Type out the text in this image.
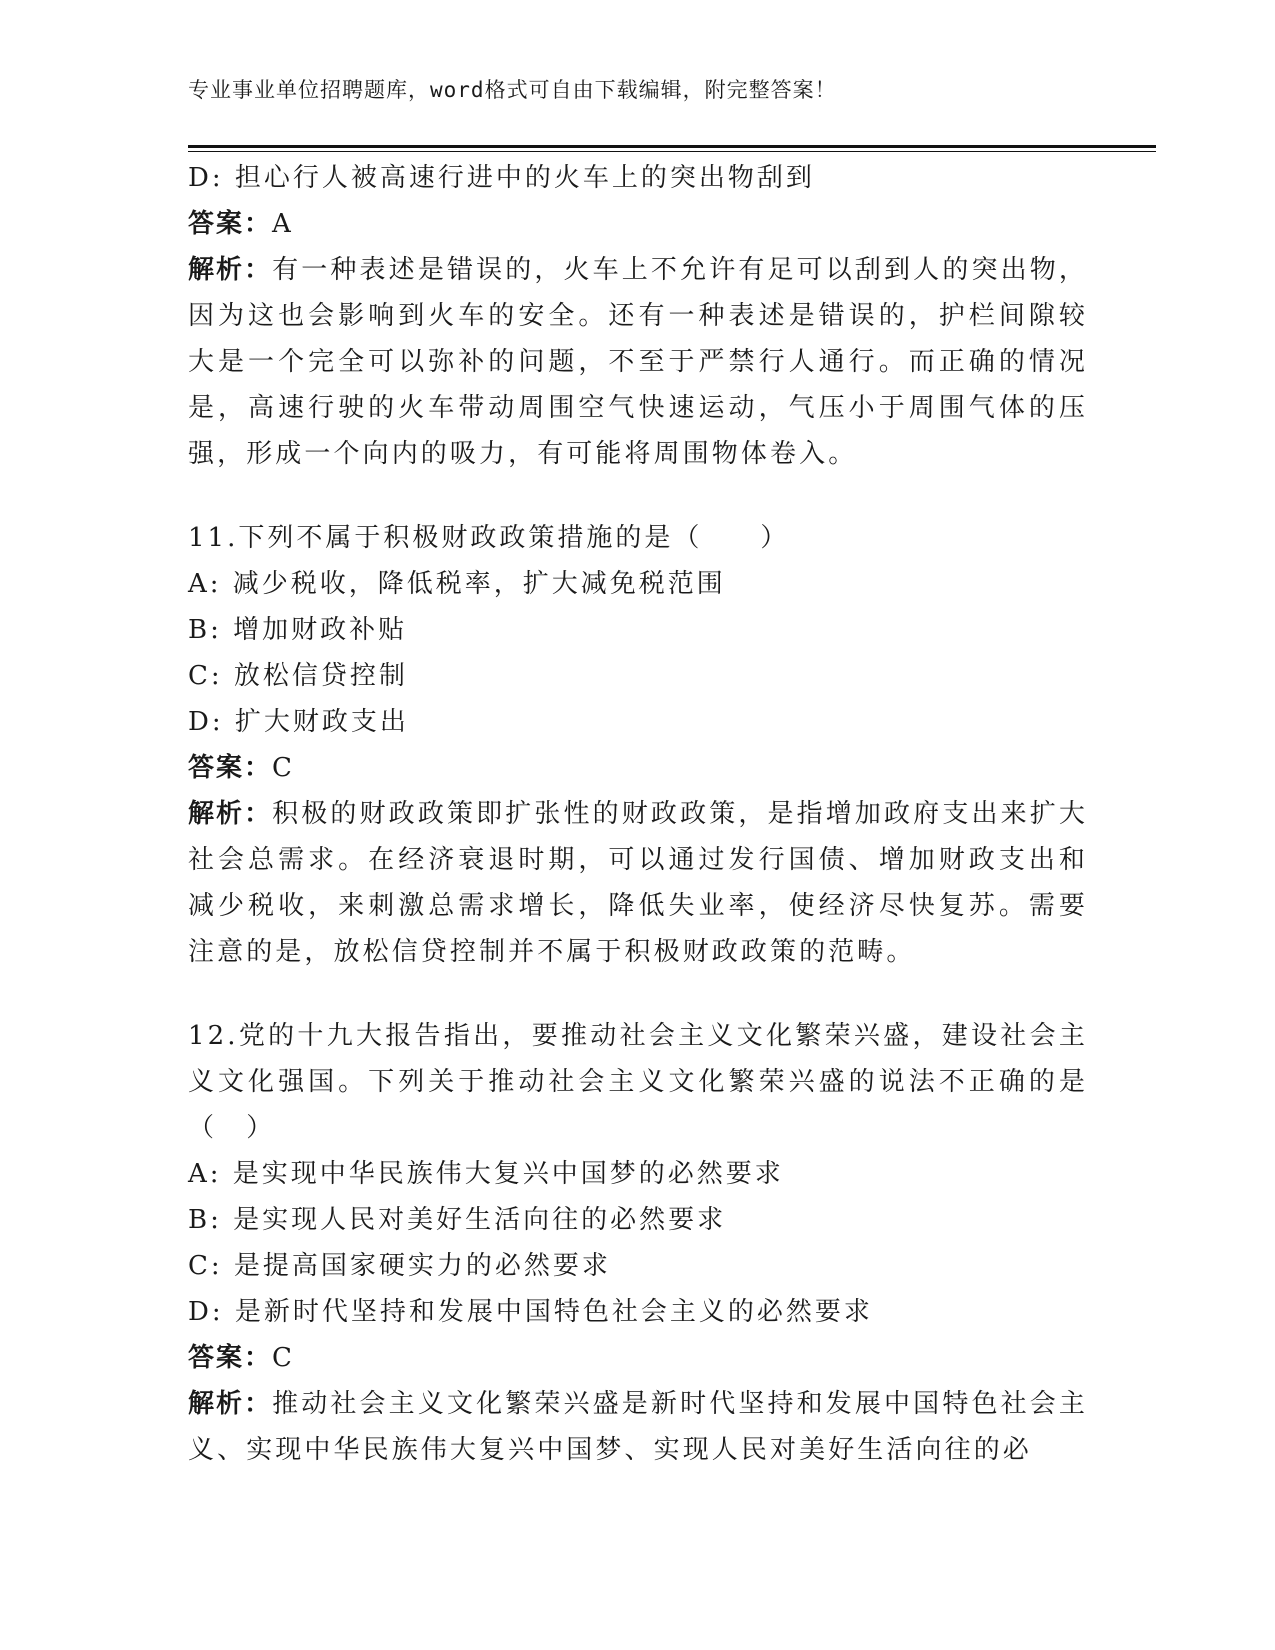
专业事业单位招聘题库，word格式可自由下载编辑，附完整答案！
D: 担心行人被高速行进中的火车上的突出物刮到
答案：A
解析：有一种表述是错误的，火车上不允许有足可以刮到人的突出物，因为这也会影响到火车的安全。还有一种表述是错误的，护栏间隙较大是一个完全可以弥补的问题，不至于严禁行人通行。而正确的情况是，高速行驶的火车带动周围空气快速运动，气压小于周围气体的压强，形成一个向内的吸力，有可能将周围物体卷入。
11.下列不属于积极财政政策措施的是（　　）
A: 减少税收，降低税率，扩大减免税范围
B: 增加财政补贴
C: 放松信贷控制
D: 扩大财政支出
答案：C
解析：积极的财政政策即扩张性的财政政策，是指增加政府支出来扩大社会总需求。在经济衰退时期，可以通过发行国债、增加财政支出和减少税收，来刺激总需求增长，降低失业率，使经济尽快复苏。需要注意的是，放松信贷控制并不属于积极财政政策的范畴。
12.党的十九大报告指出，要推动社会主义文化繁荣兴盛，建设社会主义文化强国。下列关于推动社会主义文化繁荣兴盛的说法不正确的是（　）
A: 是实现中华民族伟大复兴中国梦的必然要求
B: 是实现人民对美好生活向往的必然要求
C: 是提高国家硬实力的必然要求
D: 是新时代坚持和发展中国特色社会主义的必然要求
答案：C
解析：推动社会主义文化繁荣兴盛是新时代坚持和发展中国特色社会主义、实现中华民族伟大复兴中国梦、实现人民对美好生活向往的必
